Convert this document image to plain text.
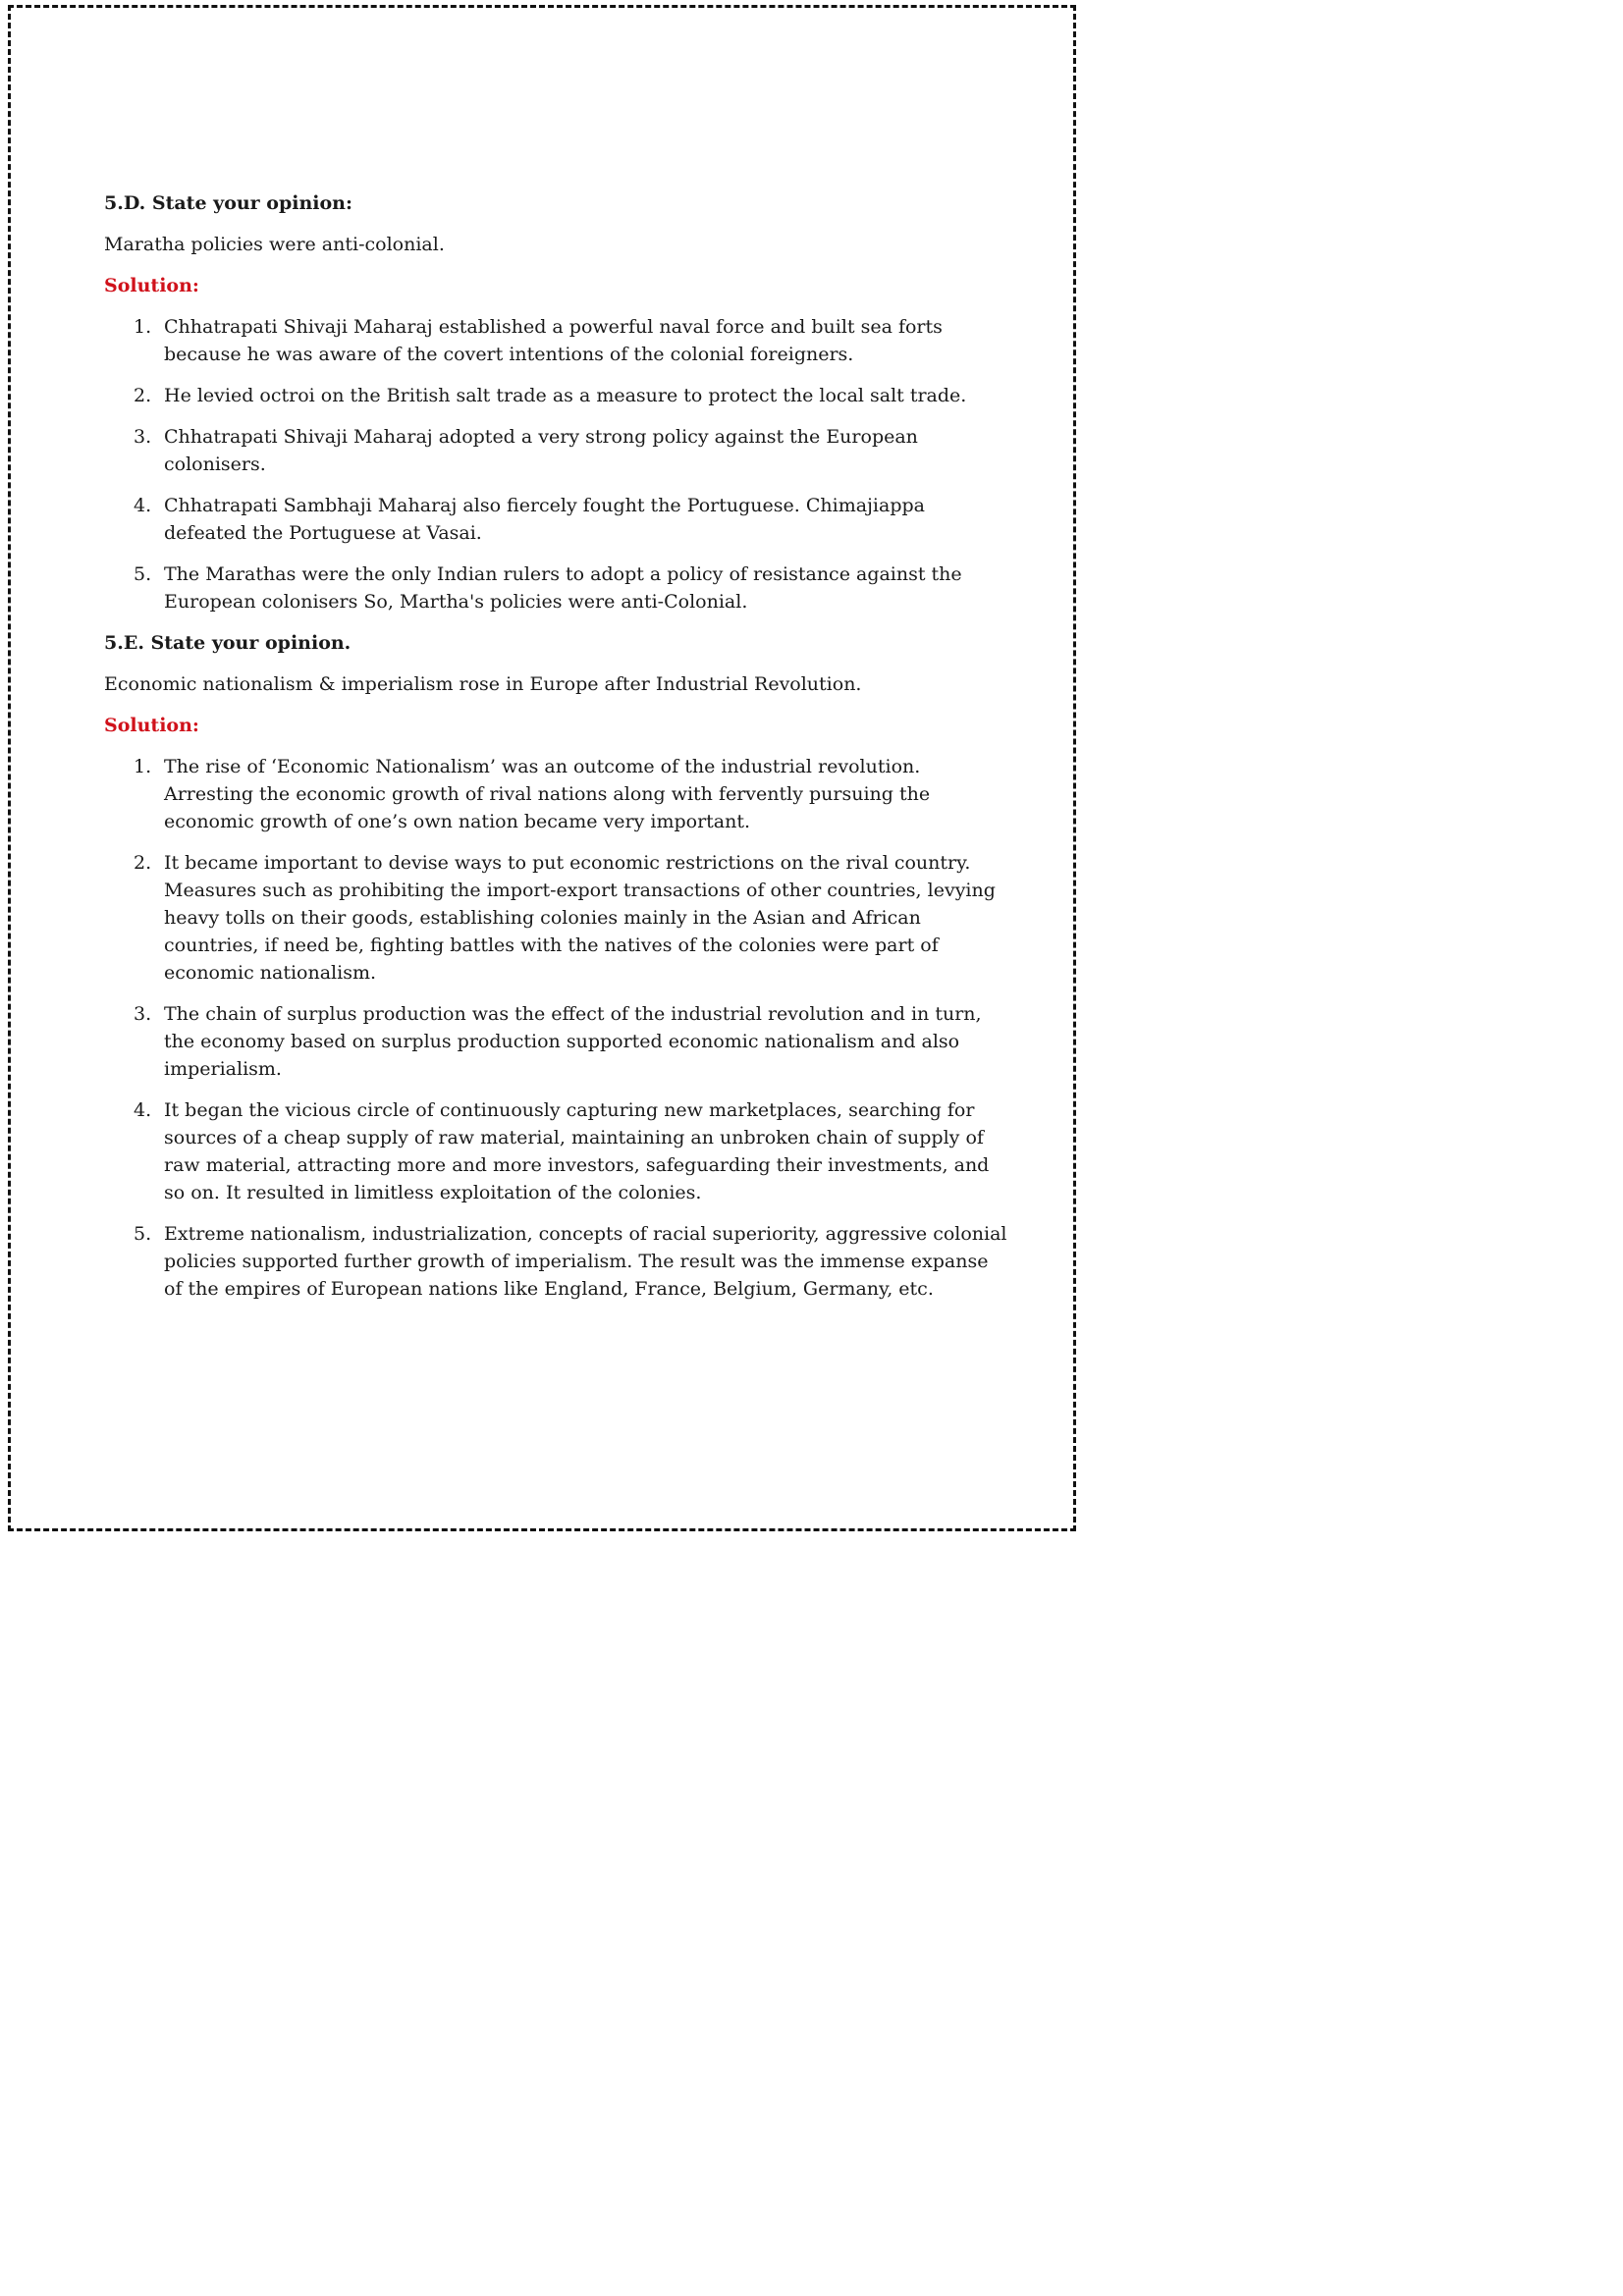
5.D. State your opinion:
Maratha policies were anti-colonial.
Solution:
1. Chhatrapati Shivaji Maharaj established a powerful naval force and built sea forts because he was aware of the covert intentions of the colonial foreigners.
2. He levied octroi on the British salt trade as a measure to protect the local salt trade.
3. Chhatrapati Shivaji Maharaj adopted a very strong policy against the European colonisers.
4. Chhatrapati Sambhaji Maharaj also fiercely fought the Portuguese. Chimajiappa defeated the Portuguese at Vasai.
5. The Marathas were the only Indian rulers to adopt a policy of resistance against the European colonisers So, Martha's policies were anti-Colonial.
5.E. State your opinion.
Economic nationalism & imperialism rose in Europe after Industrial Revolution.
Solution:
1. The rise of ‘Economic Nationalism’ was an outcome of the industrial revolution. Arresting the economic growth of rival nations along with fervently pursuing the economic growth of one’s own nation became very important.
2. It became important to devise ways to put economic restrictions on the rival country. Measures such as prohibiting the import-export transactions of other countries, levying heavy tolls on their goods, establishing colonies mainly in the Asian and African countries, if need be, fighting battles with the natives of the colonies were part of economic nationalism.
3. The chain of surplus production was the effect of the industrial revolution and in turn, the economy based on surplus production supported economic nationalism and also imperialism.
4. It began the vicious circle of continuously capturing new marketplaces, searching for sources of a cheap supply of raw material, maintaining an unbroken chain of supply of raw material, attracting more and more investors, safeguarding their investments, and so on. It resulted in limitless exploitation of the colonies.
5. Extreme nationalism, industrialization, concepts of racial superiority, aggressive colonial policies supported further growth of imperialism. The result was the immense expanse of the empires of European nations like England, France, Belgium, Germany, etc.
